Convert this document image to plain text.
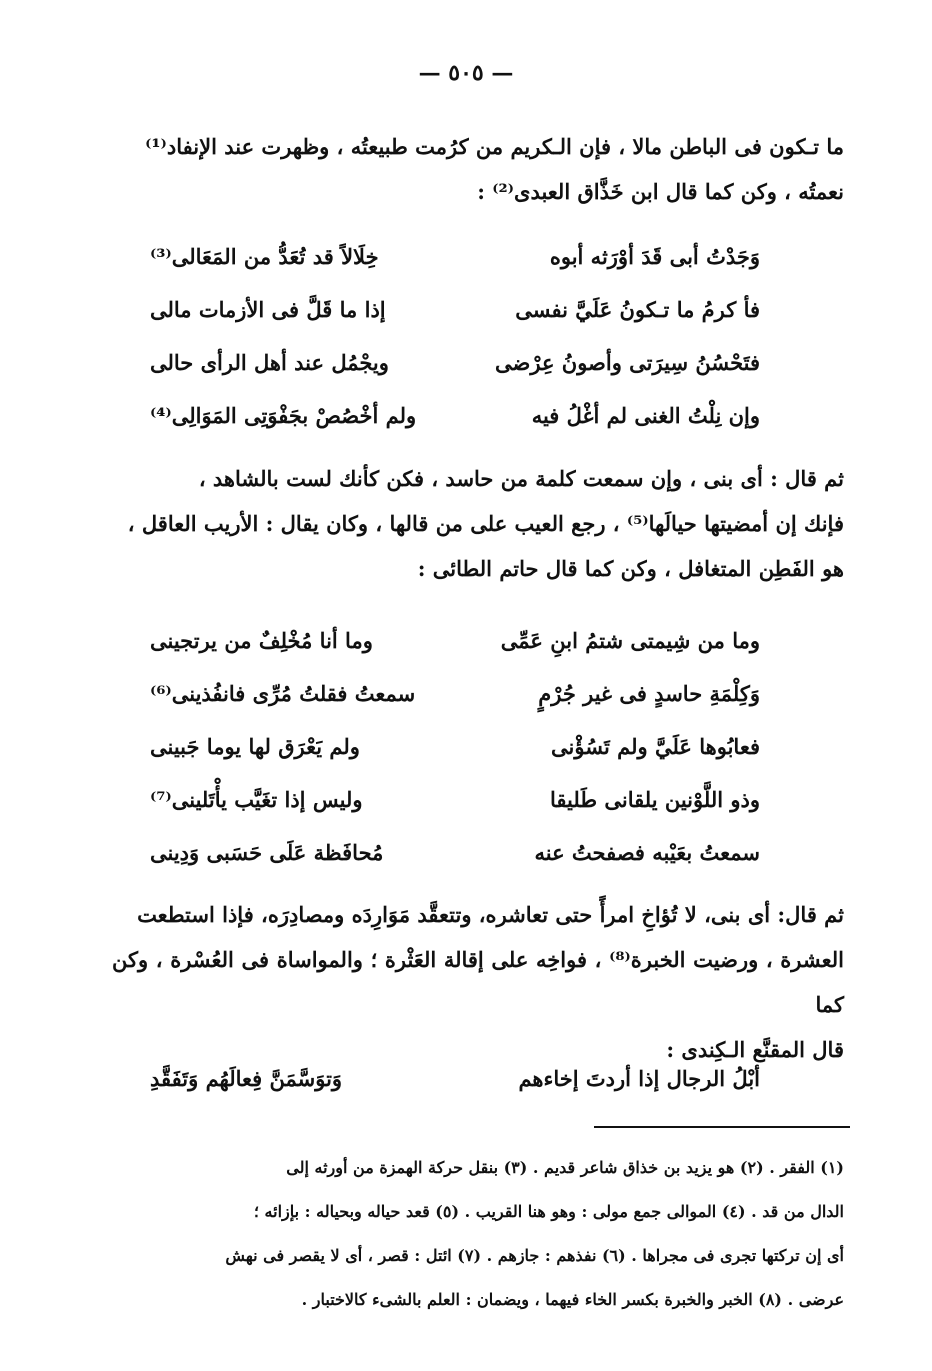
— ٥٠٥ —

ما تـكون فى الباطن مالا ، فإن الـكريم من كرُمت طبيعتُه ، وظهرت عند الإنفاد⁽¹⁾

نعمتُه ، وكن كما قال ابن خَذَّاق العبدى⁽²⁾ :

وَجَدْتُ أبى قَدَ أوْرَثه أبوه
خِلَالاً قد تُعَدُّ من المَعَالى⁽³⁾
فأ كرمُ ما تـكونُ عَلَيَّ نفسى
إذا ما قَلَّ فى الأزمات مالى
فتَحْسُنُ سِيرَتى وأصونُ عِرْضى
ويجْمُل عند أهل الرأى حالى
وإن نِلْتُ الغنى لم أغْلُ فيه
ولم أخْصُصْ بجَفْوَتِى المَوَالِى⁽⁴⁾

ثم قال : أى بنى ، وإن سمعت كلمة من حاسد ، فكن كأنك لست بالشاهد ،

فإنك إن أمضيتها حيالَها⁽⁵⁾ ، رجع العيب على من قالها ، وكان يقال : الأريب العاقل ،

هو الفَطِن المتغافل ، وكن كما قال حاتم الطائى :

وما من شِيمتى شتمُ ابنِ عَمِّى
وما أنا مُخْلِفٌ من يرتجينى
وَكِلْمَةِ حاسدٍ فى غير جُرْمٍ
سمعتُ فقلتُ مُرِّى فانفُذينى⁽⁶⁾
فعابُوها عَلَيَّ ولم تَسُؤْنى
ولم يَعْرَق لها يوما جَبينى
وذو اللَّوْنين يلقانى طَليقا
وليس إذا تغَيَّب يأْتَلينى⁽⁷⁾
سمعتُ بعَيْبه فصفحتُ عنه
مُحافَظة عَلَى حَسَبى وَدِينى

ثم قال: أى بنى، لا تُؤاخِ امرأً حتى تعاشره، وتتعقَّد مَوَارِدَه ومصادِرَه، فإذا استطعت

العشرة ، ورضيت الخبرة⁽⁸⁾ ، فواخِه على إقالة العَثْرة ؛ والمواساة فى العُسْرة ، وكن كما

قال المقنَّع الـكِندى :

أبْلُ الرجال إذا أردتَ إخاءهم
وَتوَسَّمَنَّ فِعالَهُم وَتَفَقَّدِ

(١) الفقر . (٢) هو يزيد بن خذاق شاعر قديم . (٣) بنقل حركة الهمزة من أورثه إلى

الدال من قد . (٤) الموالى جمع مولى : وهو هنا القريب . (٥) قعد حياله وبحياله : بإزائه ؛

أى إن تركتها تجرى فى مجراها . (٦) نفذهم : جازهم . (٧) ائتل : قصر ، أى لا يقصر فى نهش

عرضى . (٨) الخبر والخبرة بكسر الخاء فيهما ، ويضمان : العلم بالشىء كالاختبار .
